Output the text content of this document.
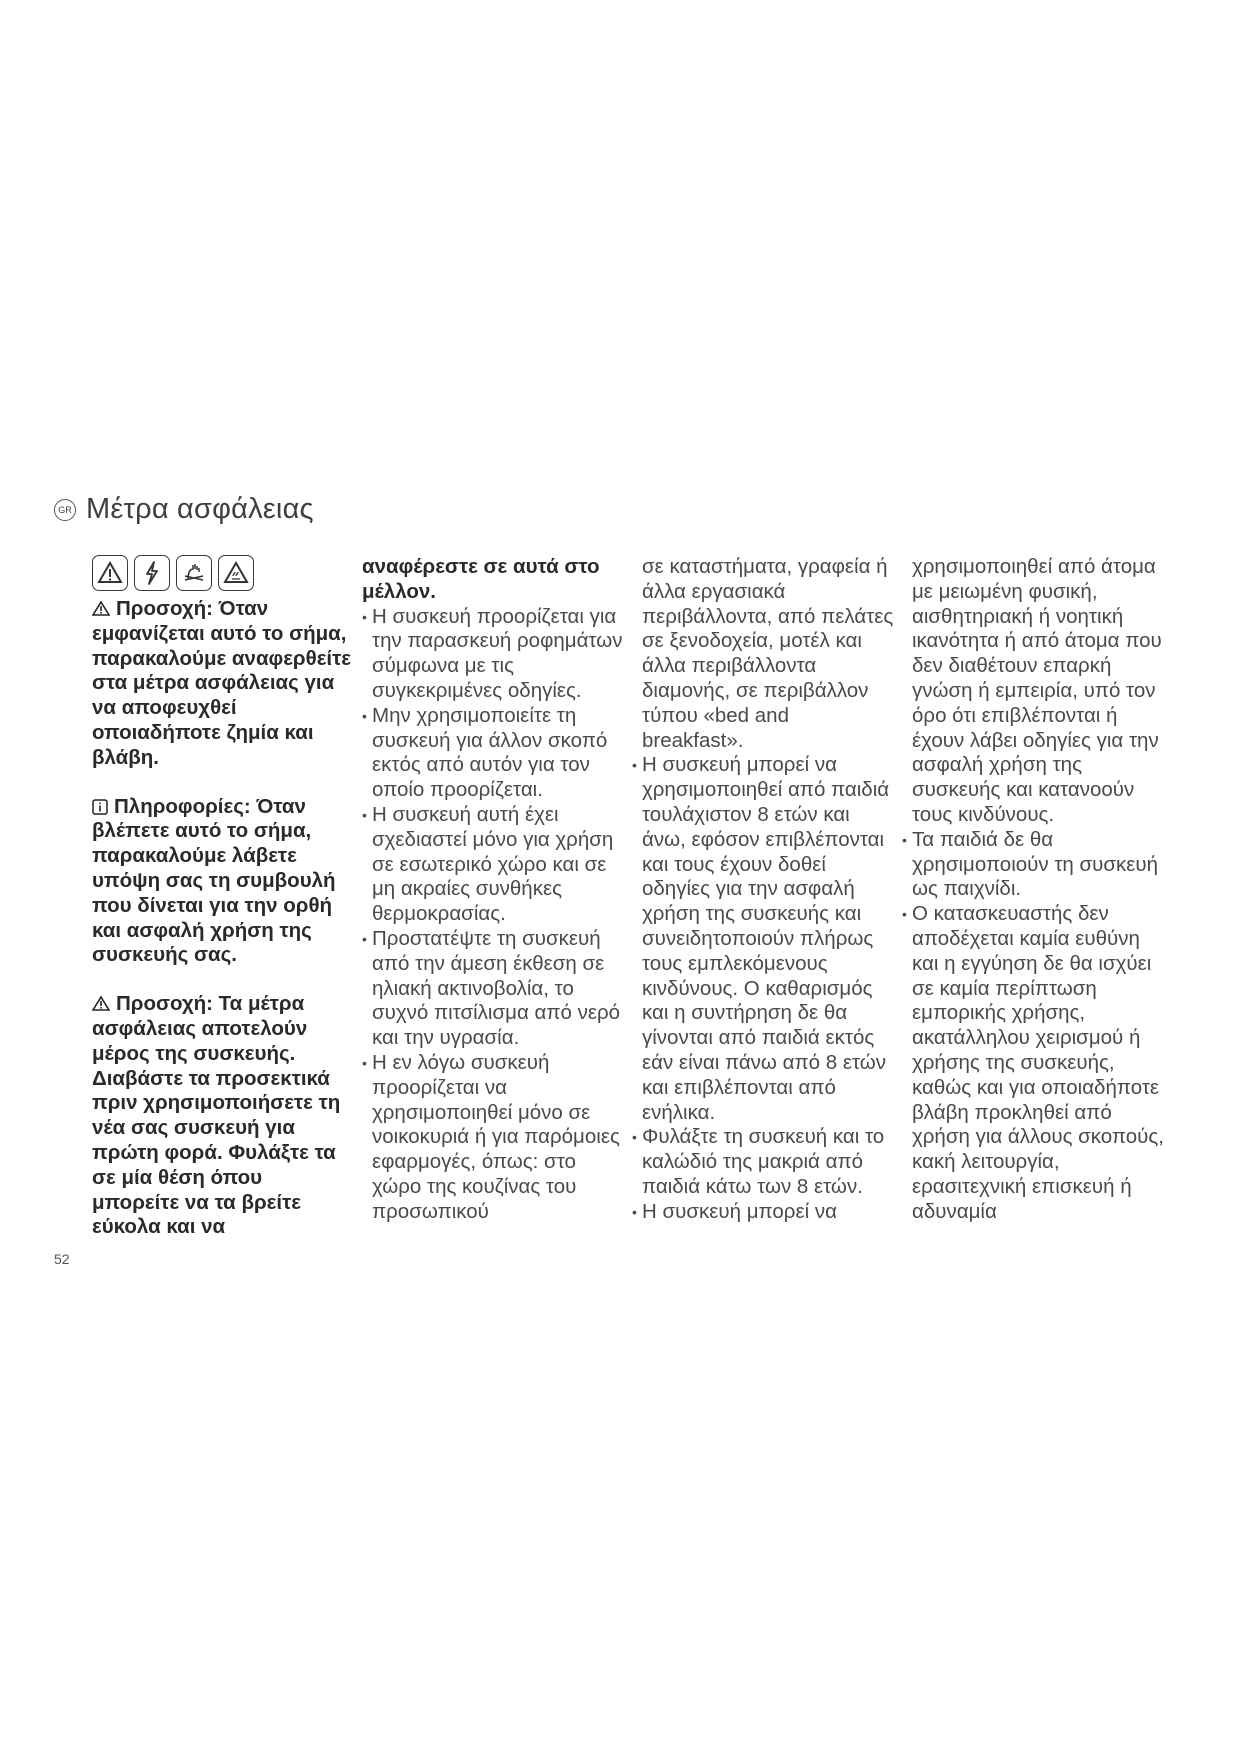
GR Μέτρα ασφάλειας

Προσοχή: Όταν εμφανίζεται αυτό το σήμα, παρακαλούμε αναφερθείτε στα μέτρα ασφάλειας για να αποφευχθεί οποιαδήποτε ζημία και βλάβη.

Πληροφορίες: Όταν βλέπετε αυτό το σήμα, παρακαλούμε λάβετε υπόψη σας τη συμβουλή που δίνεται για την ορθή και ασφαλή χρήση της συσκευής σας.

Προσοχή: Τα μέτρα ασφάλειας αποτελούν μέρος της συσκευής. Διαβάστε τα προσεκτικά πριν χρησιμοποιήσετε τη νέα σας συσκευή για πρώτη φορά. Φυλάξτε τα σε μία θέση όπου μπορείτε να τα βρείτε εύκολα και να

αναφέρεστε σε αυτά στο μέλλον.

• Η συσκευή προορίζεται για την παρασκευή ροφημάτων σύμφωνα με τις συγκεκριμένες οδηγίες.
• Μην χρησιμοποιείτε τη συσκευή για άλλον σκοπό εκτός από αυτόν για τον οποίο προορίζεται.
• Η συσκευή αυτή έχει σχεδιαστεί μόνο για χρήση σε εσωτερικό χώρο και σε μη ακραίες συνθήκες θερμοκρασίας.
• Προστατέψτε τη συσκευή από την άμεση έκθεση σε ηλιακή ακτινοβολία, το συχνό πιτσίλισμα από νερό και την υγρασία.
• Η εν λόγω συσκευή προορίζεται να χρησιμοποιηθεί μόνο σε νοικοκυριά ή για παρόμοιες εφαρμογές, όπως: στο χώρο της κουζίνας του προσωπικού
σε καταστήματα, γραφεία ή άλλα εργασιακά περιβάλλοντα, από πελάτες σε ξενοδοχεία, μοτέλ και άλλα περιβάλλοντα διαμονής, σε περιβάλλον τύπου «bed and breakfast».
• Η συσκευή μπορεί να χρησιμοποιηθεί από παιδιά τουλάχιστον 8 ετών και άνω, εφόσον επιβλέπονται και τους έχουν δοθεί οδηγίες για την ασφαλή χρήση της συσκευής και συνειδητοποιούν πλήρως τους εμπλεκόμενους κινδύνους. Ο καθαρισμός και η συντήρηση δε θα γίνονται από παιδιά εκτός εάν είναι πάνω από 8 ετών και επιβλέπονται από ενήλικα.
• Φυλάξτε τη συσκευή και το καλώδιό της μακριά από παιδιά κάτω των 8 ετών.
• Η συσκευή μπορεί να
χρησιμοποιηθεί από άτομα με μειωμένη φυσική, αισθητηριακή ή νοητική ικανότητα ή από άτομα που δεν διαθέτουν επαρκή γνώση ή εμπειρία, υπό τον όρο ότι επιβλέπονται ή έχουν λάβει οδηγίες για την ασφαλή χρήση της συσκευής και κατανοούν τους κινδύνους.
• Τα παιδιά δε θα χρησιμοποιούν τη συσκευή ως παιχνίδι.
• Ο κατασκευαστής δεν αποδέχεται καμία ευθύνη και η εγγύηση δε θα ισχύει σε καμία περίπτωση εμπορικής χρήσης, ακατάλληλου χειρισμού ή χρήσης της συσκευής, καθώς και για οποιαδήποτε βλάβη προκληθεί από χρήση για άλλους σκοπούς, κακή λειτουργία, ερασιτεχνική επισκευή ή αδυναμία
52
